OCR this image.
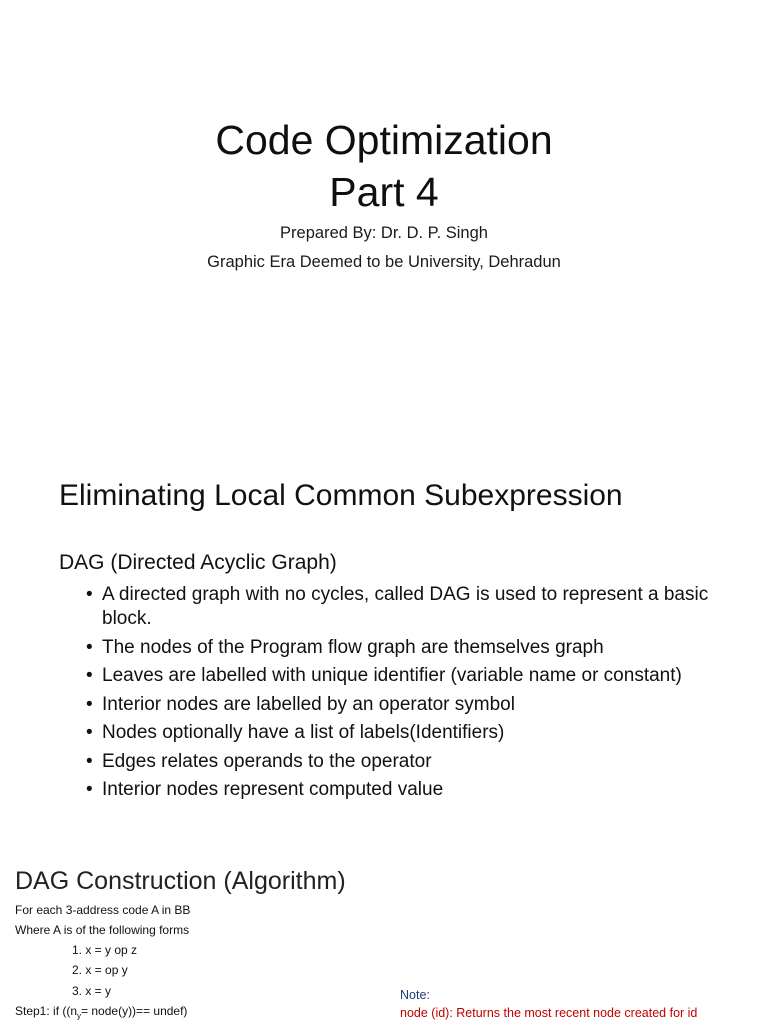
Code Optimization
Part 4
Prepared By: Dr. D. P. Singh
Graphic Era Deemed to be University, Dehradun
Eliminating Local Common Subexpression
DAG (Directed Acyclic Graph)
• A directed graph with no cycles, called DAG is used to represent a basic block.
• The nodes of the Program flow graph are themselves graph
• Leaves are labelled with unique identifier (variable name or constant)
• Interior nodes are labelled by an operator symbol
• Nodes optionally have a list of labels(Identifiers)
• Edges relates operands to the operator
• Interior nodes represent computed value
DAG Construction (Algorithm)
For each 3-address code A in BB
Where A is of the following forms
1. x = y op z
2. x = op y
3. x = y
Step1: if (($n_y=$ node(y))== undef)
Note:
node (id): Returns the most recent node created for id
